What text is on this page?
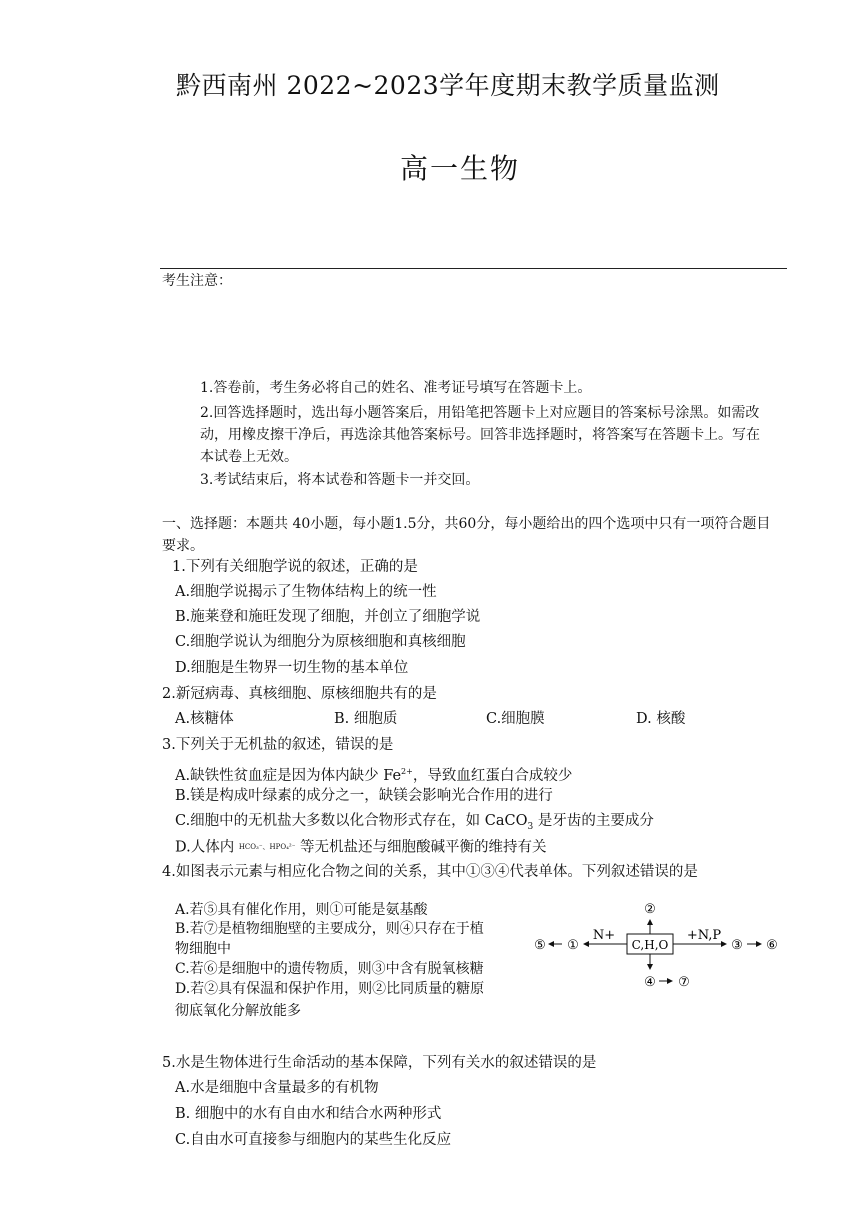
黔西南州 2022~2023学年度期末教学质量监测
高一生物
考生注意：
1.答卷前，考生务必将自己的姓名、准考证号填写在答题卡上。
2.回答选择题时，选出每小题答案后，用铅笔把答题卡上对应题目的答案标号涂黑。如需改
动，用橡皮擦干净后，再选涂其他答案标号。回答非选择题时，将答案写在答题卡上。写在
本试卷上无效。
3.考试结束后，将本试卷和答题卡一并交回。
一、选择题：本题共 40小题，每小题1.5分，共60分，每小题给出的四个选项中只有一项符合题目
要求。
1.下列有关细胞学说的叙述，正确的是
A.细胞学说揭示了生物体结构上的统一性
B.施莱登和施旺发现了细胞，并创立了细胞学说
C.细胞学说认为细胞分为原核细胞和真核细胞
D.细胞是生物界一切生物的基本单位
2.新冠病毒、真核细胞、原核细胞共有的是
A.核糖体	B. 细胞质	C.细胞膜	D. 核酸
3.下列关于无机盐的叙述，错误的是
A.缺铁性贫血症是因为体内缺少 $Fe^{2+}$，导致血红蛋白合成较少
B.镁是构成叶绿素的成分之一，缺镁会影响光合作用的进行
C.细胞中的无机盐大多数以化合物形式存在，如 CaCO$_3$ 是牙齿的主要成分
D.人体内 HCO₃⁻、HPO₄²⁻ 等无机盐还与细胞酸碱平衡的维持有关
4.如图表示元素与相应化合物之间的关系，其中①③④代表单体。下列叙述错误的是
A.若⑤具有催化作用，则①可能是氨基酸
B.若⑦是植物细胞壁的主要成分，则④只存在于植
物细胞中
C.若⑥是细胞中的遗传物质，则③中含有脱氧核糖
D.若②具有保温和保护作用，则②比同质量的糖原
彻底氧化分解放能多
C,H,O
②
N+
①
⑤
+N,P
③ ⑥
④ ⑦
5.水是生物体进行生命活动的基本保障，下列有关水的叙述错误的是
A.水是细胞中含量最多的有机物
B. 细胞中的水有自由水和结合水两种形式
C.自由水可直接参与细胞内的某些生化反应
